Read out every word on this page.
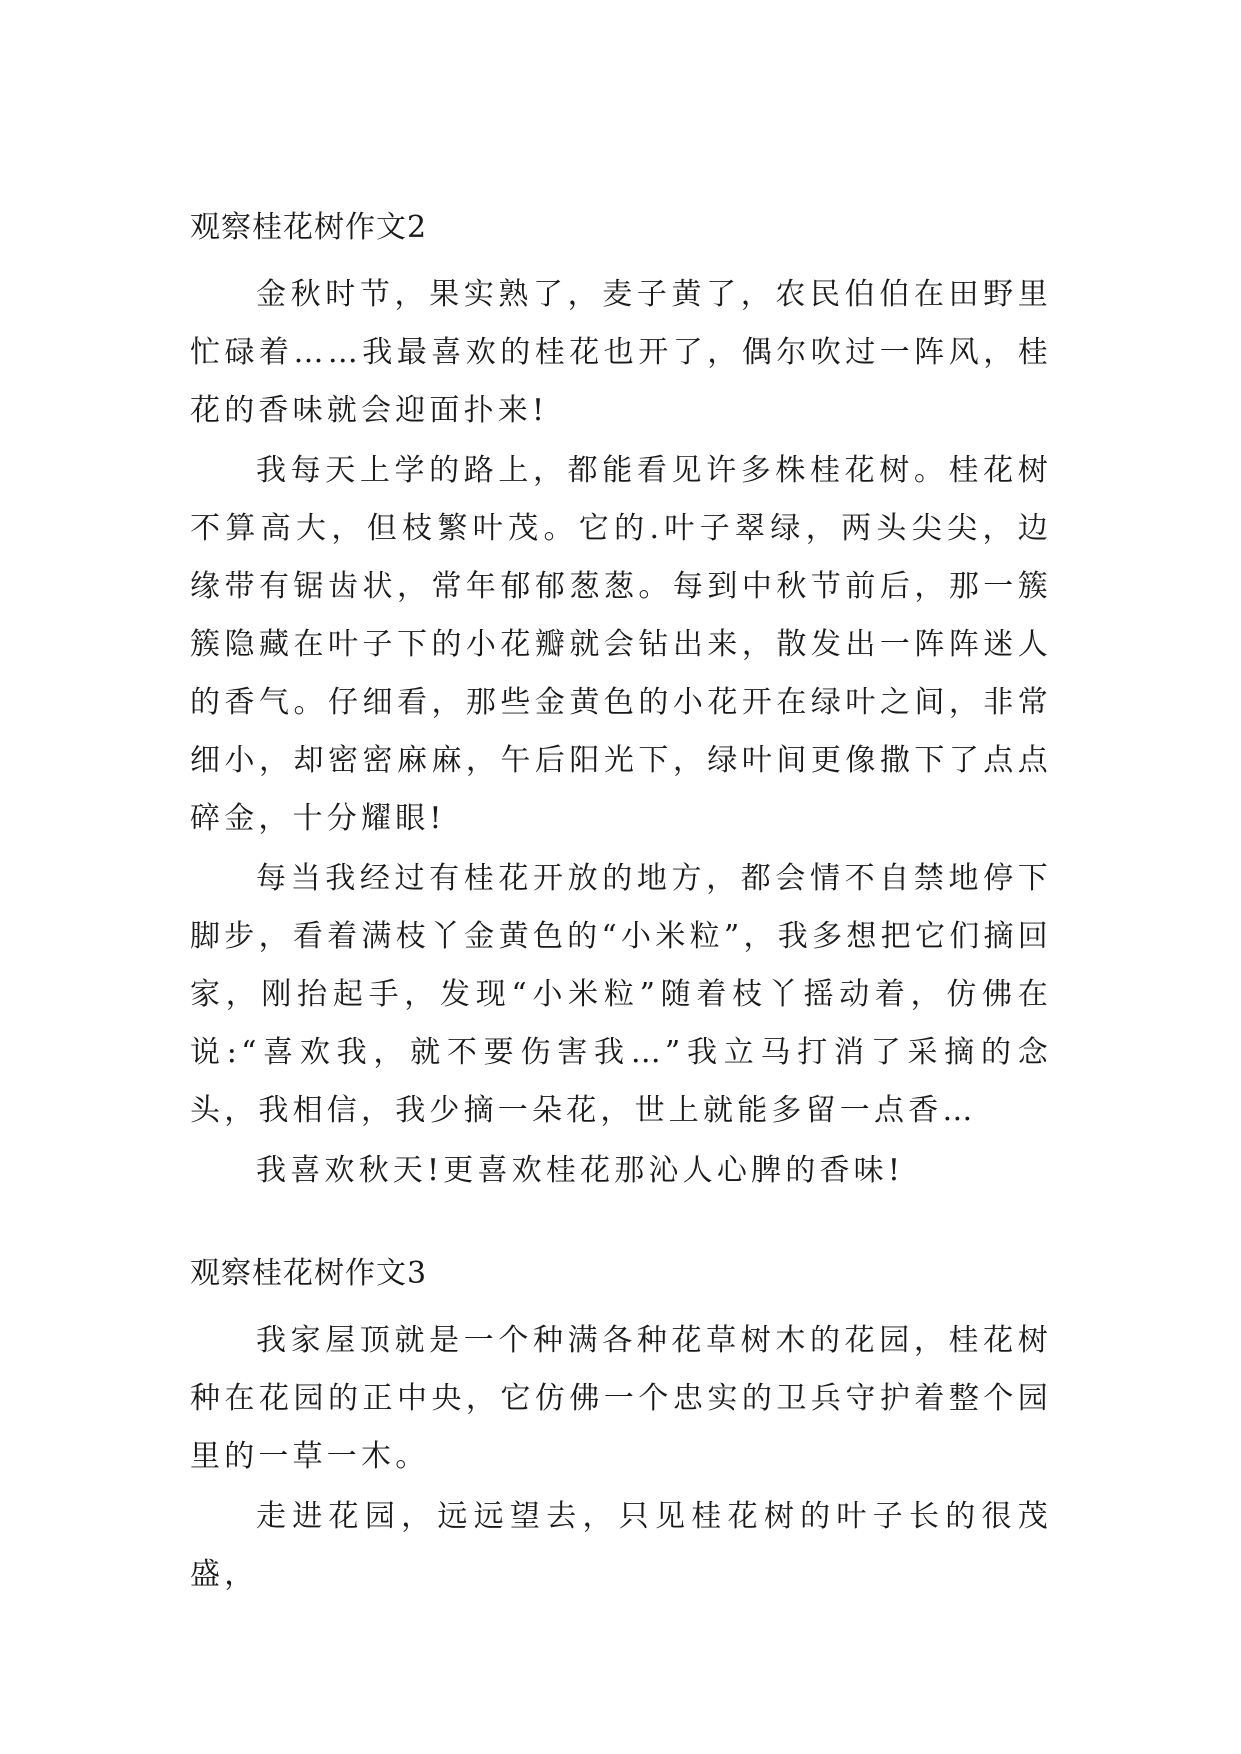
观察桂花树作文2

金秋时节，果实熟了，麦子黄了，农民伯伯在田野里忙碌着……我最喜欢的桂花也开了，偶尔吹过一阵风，桂花的香味就会迎面扑来!

我每天上学的路上，都能看见许多株桂花树。桂花树不算高大，但枝繁叶茂。它的.叶子翠绿，两头尖尖，边缘带有锯齿状，常年郁郁葱葱。每到中秋节前后，那一簇簇隐藏在叶子下的小花瓣就会钻出来，散发出一阵阵迷人的香气。仔细看，那些金黄色的小花开在绿叶之间，非常细小，却密密麻麻，午后阳光下，绿叶间更像撒下了点点碎金，十分耀眼!

每当我经过有桂花开放的地方，都会情不自禁地停下脚步，看着满枝丫金黄色的“小米粒”，我多想把它们摘回家，刚抬起手，发现“小米粒”随着枝丫摇动着，仿佛在说:“喜欢我，就不要伤害我…”我立马打消了采摘的念头，我相信，我少摘一朵花，世上就能多留一点香…

我喜欢秋天!更喜欢桂花那沁人心脾的香味!

观察桂花树作文3

我家屋顶就是一个种满各种花草树木的花园，桂花树种在花园的正中央，它仿佛一个忠实的卫兵守护着整个园里的一草一木。

走进花园，远远望去，只见桂花树的叶子长的很茂盛，
